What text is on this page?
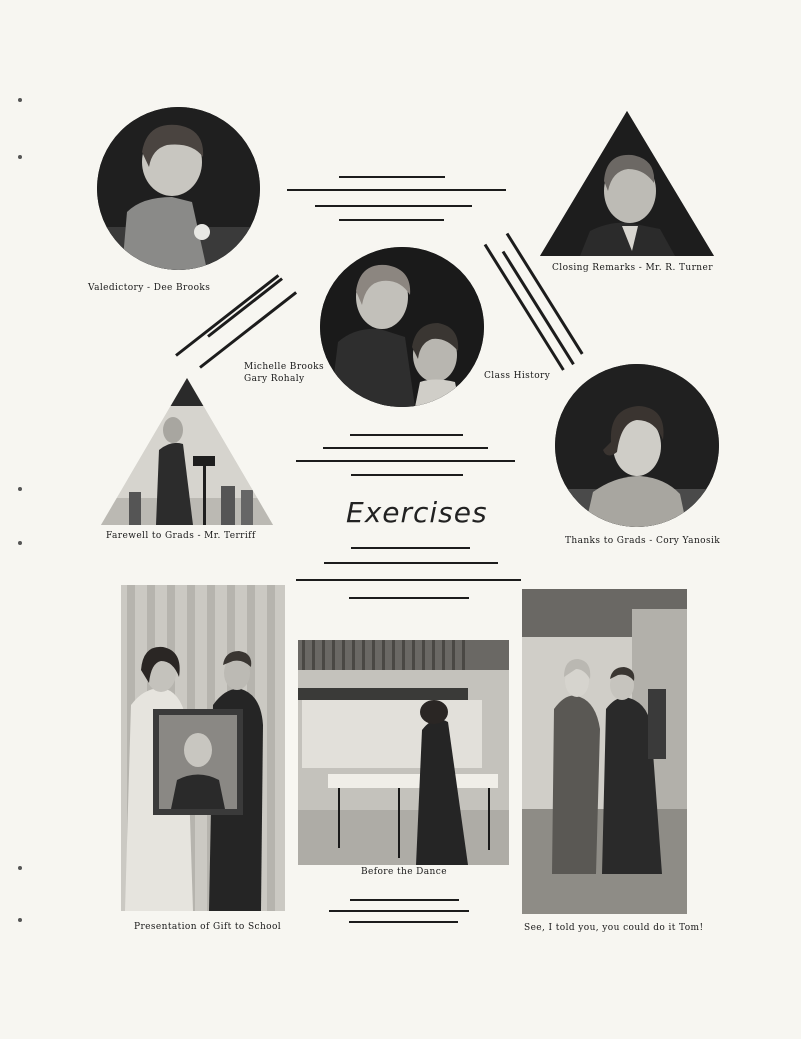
Valedictory - Dee Brooks
Closing Remarks - Mr. R. Turner
Michelle Brooks
Gary Rohaly	Class History
Farewell to Grads - Mr. Terriff	Thanks to Grads - Cory Yanosik
Exercises
Presentation of Gift to School
Before the Dance
See, I told you, you could do it Tom!
